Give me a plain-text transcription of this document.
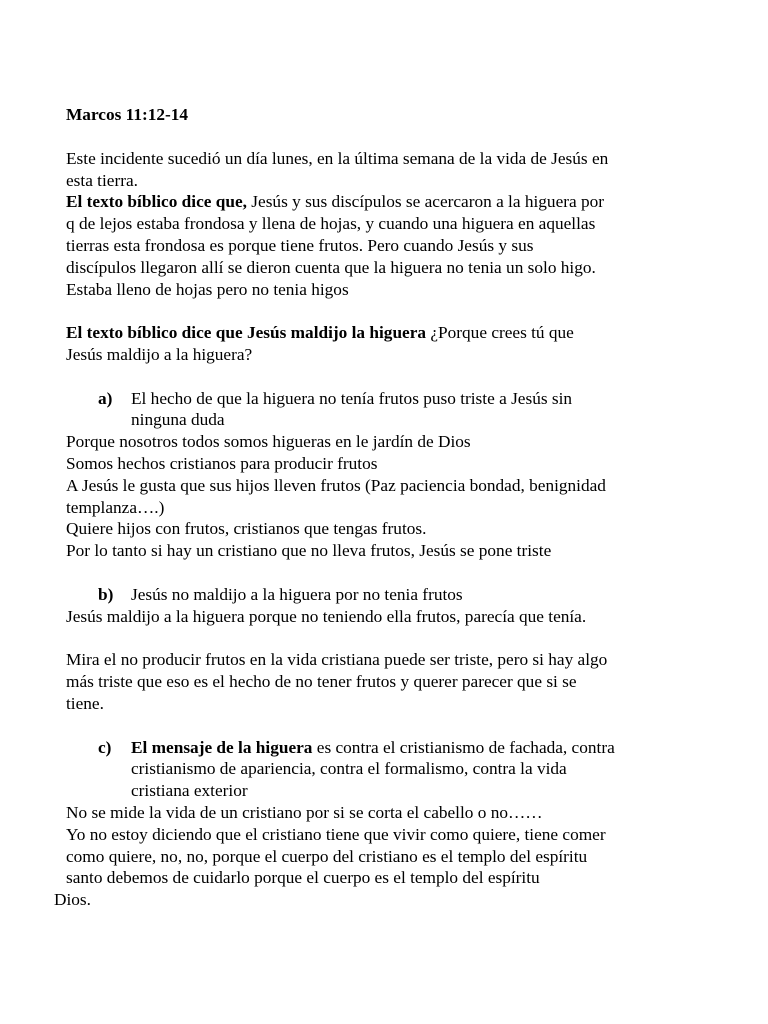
Marcos 11:12-14
Este incidente sucedió un día lunes, en la última semana de la vida de Jesús en
esta tierra.
El texto bíblico dice que, Jesús y sus discípulos se acercaron a la higuera por
q de lejos estaba frondosa y llena de hojas, y cuando una higuera en aquellas
tierras esta frondosa es porque tiene frutos. Pero cuando Jesús y sus
discípulos llegaron allí se dieron cuenta que la higuera no tenia un solo higo.
Estaba lleno de hojas pero no tenia higos
El texto bíblico dice que Jesús maldijo la higuera ¿Porque crees tú que
Jesús maldijo a la higuera?
a) El hecho de que la higuera no tenía frutos puso triste a Jesús sin
ninguna duda
Porque nosotros todos somos higueras en le jardín de Dios
Somos hechos cristianos para producir frutos
A Jesús le gusta que sus hijos lleven frutos (Paz paciencia bondad, benignidad
templanza….)
Quiere hijos con frutos, cristianos que tengas frutos.
Por lo tanto si hay un cristiano que no lleva frutos, Jesús se pone triste
b) Jesús no maldijo a la higuera por no tenia frutos
Jesús maldijo a la higuera porque no teniendo ella frutos, parecía que tenía.
Mira el no producir frutos en la vida cristiana puede ser triste, pero si hay algo
más triste que eso es el hecho de no tener frutos y querer parecer que si se
tiene.
c) El mensaje de la higuera es contra el cristianismo de fachada, contra
cristianismo de apariencia, contra el formalismo, contra la vida
cristiana exterior
No se mide la vida de un cristiano por si se corta el cabello o no……
Yo no estoy diciendo que el cristiano tiene que vivir como quiere, tiene comer
como quiere, no, no, porque el cuerpo del cristiano es el templo del espíritu
santo debemos de cuidarlo porque el cuerpo es el templo del espíritu
Dios.
